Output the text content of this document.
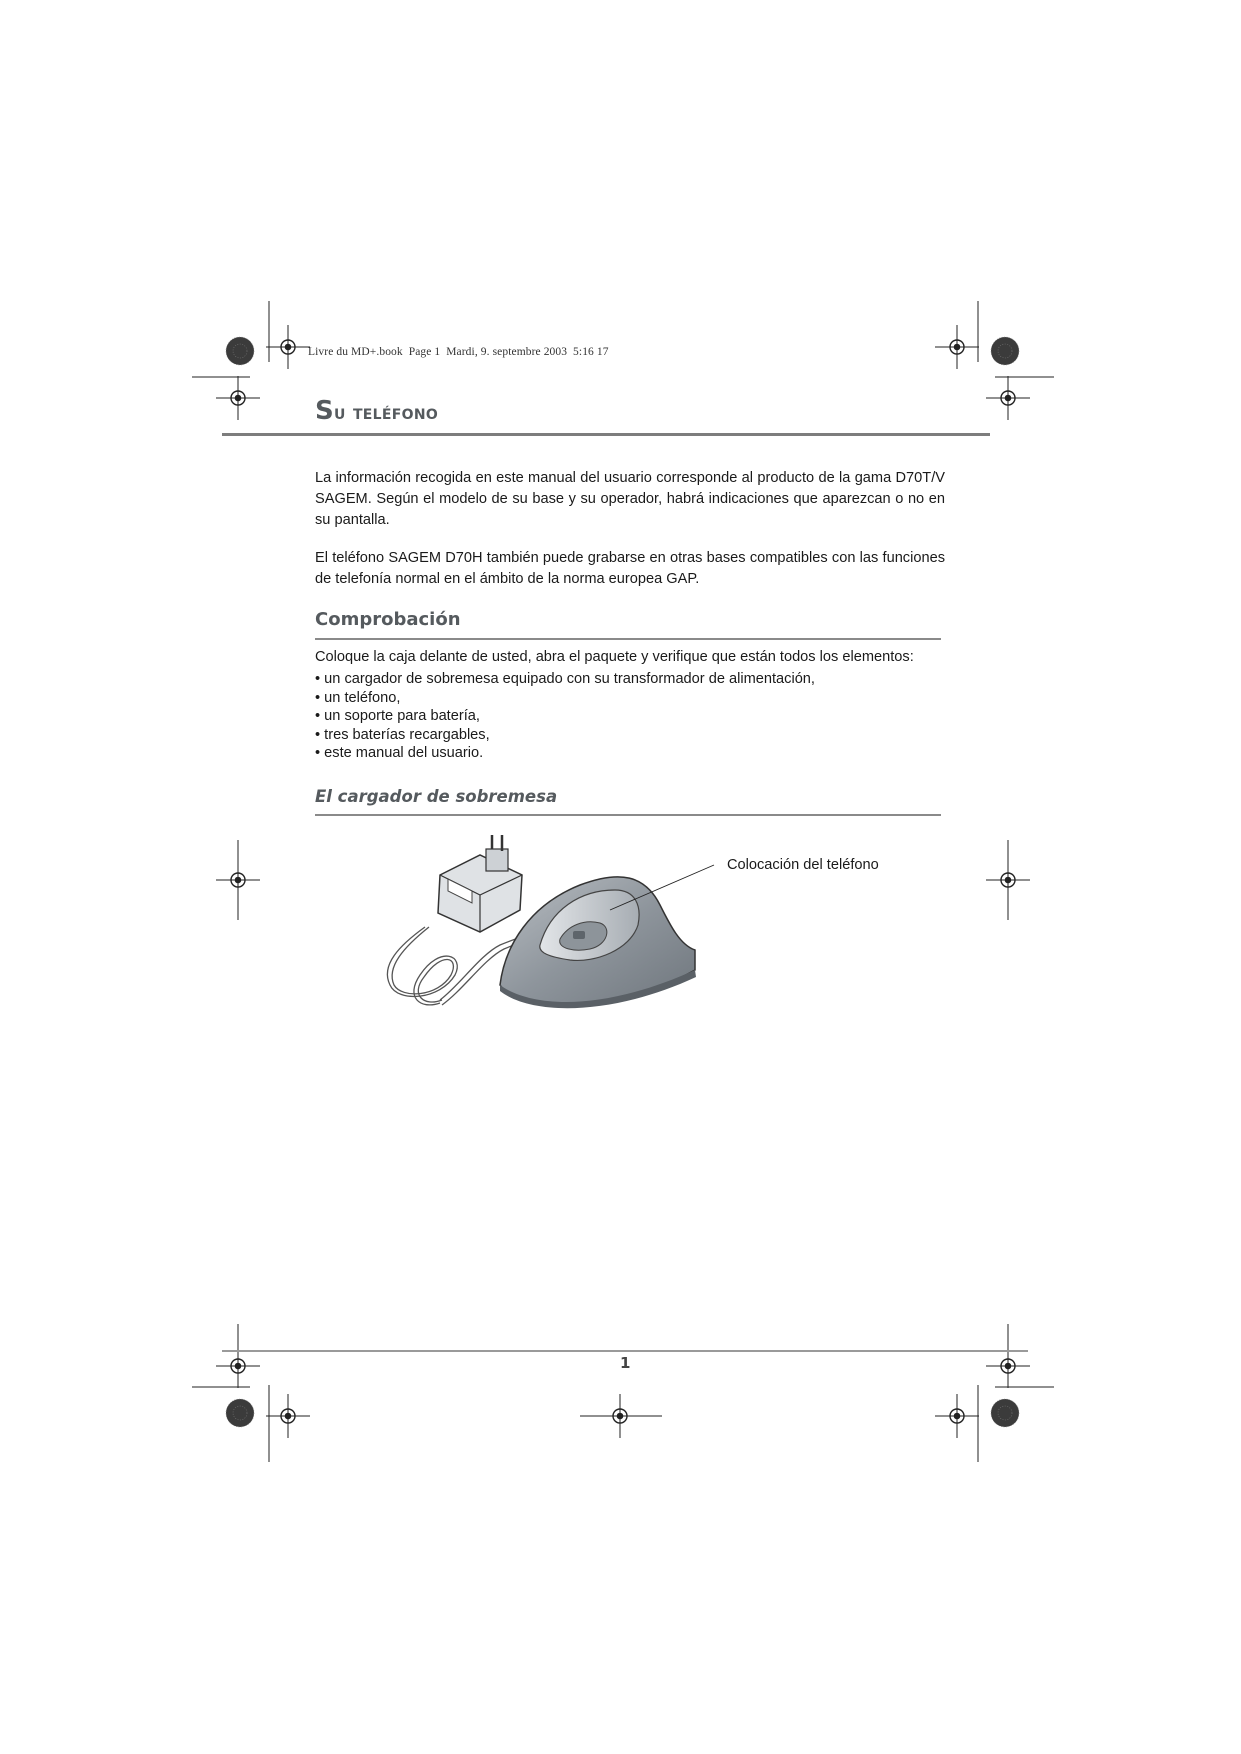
Livre du MD+.book  Page 1  Mardi, 9. septembre 2003  5:16 17
Su teléfono

La información recogida en este manual del usuario corresponde al producto de la gama D70T/V SAGEM. Según el modelo de su base y su operador, habrá indicaciones que aparezcan o no en su pantalla.

El teléfono SAGEM D70H también puede grabarse en otras bases compatibles con las funciones de telefonía normal en el ámbito de la norma europea GAP.

Comprobación
Coloque la caja delante de usted, abra el paquete y verifique que están todos los elementos:
• un cargador de sobremesa equipado con su transformador de alimentación,
• un teléfono,
• un soporte para batería,
• tres baterías recargables,
• este manual del usuario.
El cargador de sobremesa
Colocación del teléfono
1
